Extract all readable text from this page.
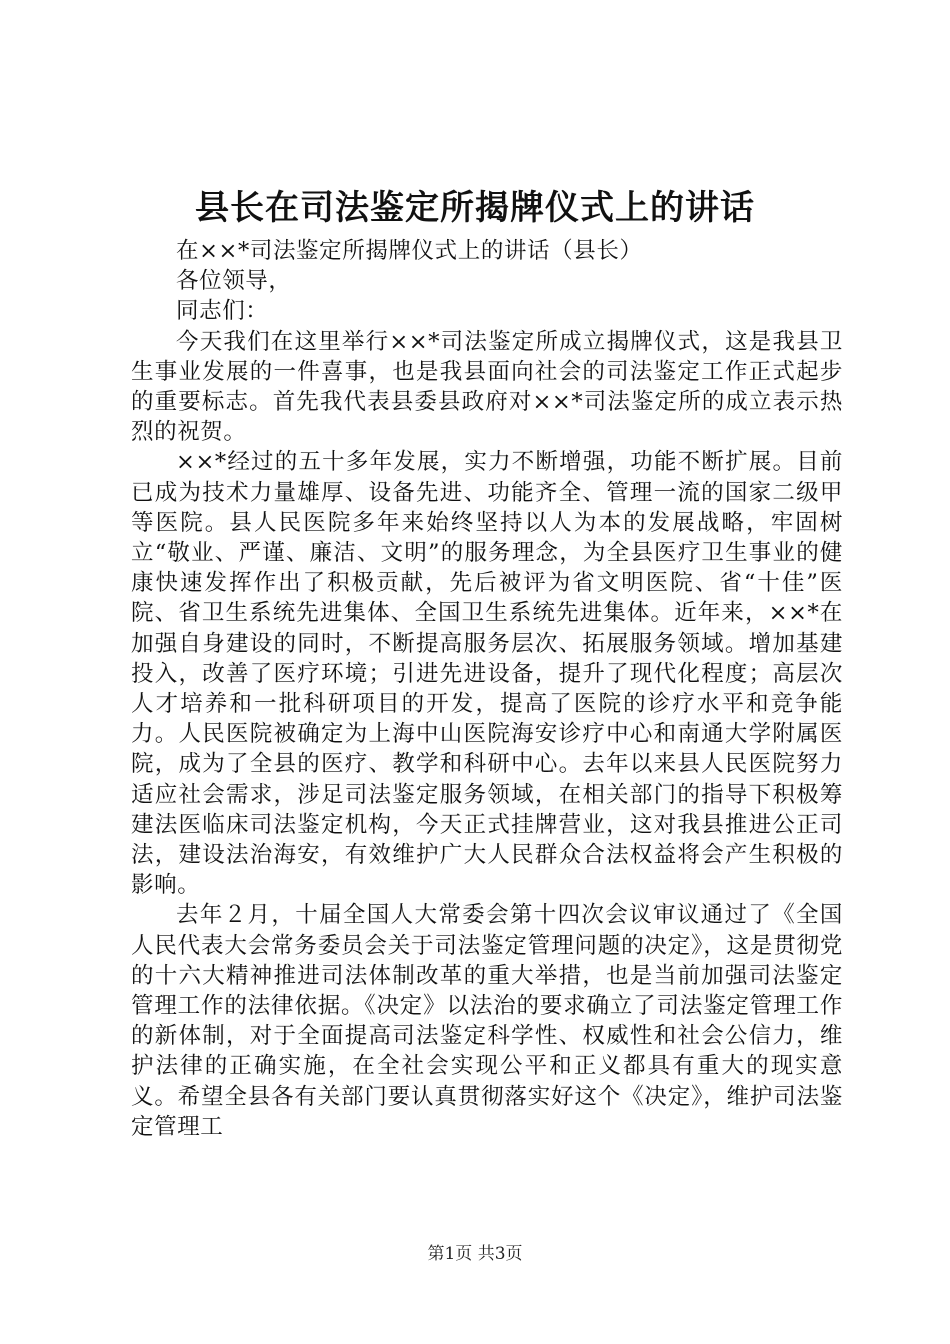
县长在司法鉴定所揭牌仪式上的讲话

在××*司法鉴定所揭牌仪式上的讲话（县长）

各位领导，

同志们：

今天我们在这里举行××*司法鉴定所成立揭牌仪式，这是我县卫生事业发展的一件喜事，也是我县面向社会的司法鉴定工作正式起步的重要标志。首先我代表县委县政府对××*司法鉴定所的成立表示热烈的祝贺。

××*经过的五十多年发展，实力不断增强，功能不断扩展。目前已成为技术力量雄厚、设备先进、功能齐全、管理一流的国家二级甲等医院。县人民医院多年来始终坚持以人为本的发展战略，牢固树立“敬业、严谨、廉洁、文明”的服务理念，为全县医疗卫生事业的健康快速发挥作出了积极贡献，先后被评为省文明医院、省“十佳”医院、省卫生系统先进集体、全国卫生系统先进集体。近年来，××*在加强自身建设的同时，不断提高服务层次、拓展服务领域。增加基建投入，改善了医疗环境；引进先进设备，提升了现代化程度；高层次人才培养和一批科研项目的开发，提高了医院的诊疗水平和竞争能力。人民医院被确定为上海中山医院海安诊疗中心和南通大学附属医院，成为了全县的医疗、教学和科研中心。去年以来县人民医院努力适应社会需求，涉足司法鉴定服务领域，在相关部门的指导下积极筹建法医临床司法鉴定机构，今天正式挂牌营业，这对我县推进公正司法，建设法治海安，有效维护广大人民群众合法权益将会产生积极的影响。

去年２月，十届全国人大常委会第十四次会议审议通过了《全国人民代表大会常务委员会关于司法鉴定管理问题的决定》，这是贯彻党的十六大精神推进司法体制改革的重大举措，也是当前加强司法鉴定管理工作的法律依据。《决定》以法治的要求确立了司法鉴定管理工作的新体制，对于全面提高司法鉴定科学性、权威性和社会公信力，维护法律的正确实施，在全社会实现公平和正义都具有重大的现实意义。希望全县各有关部门要认真贯彻落实好这个《决定》，维护司法鉴定管理工

第1页 共3页
